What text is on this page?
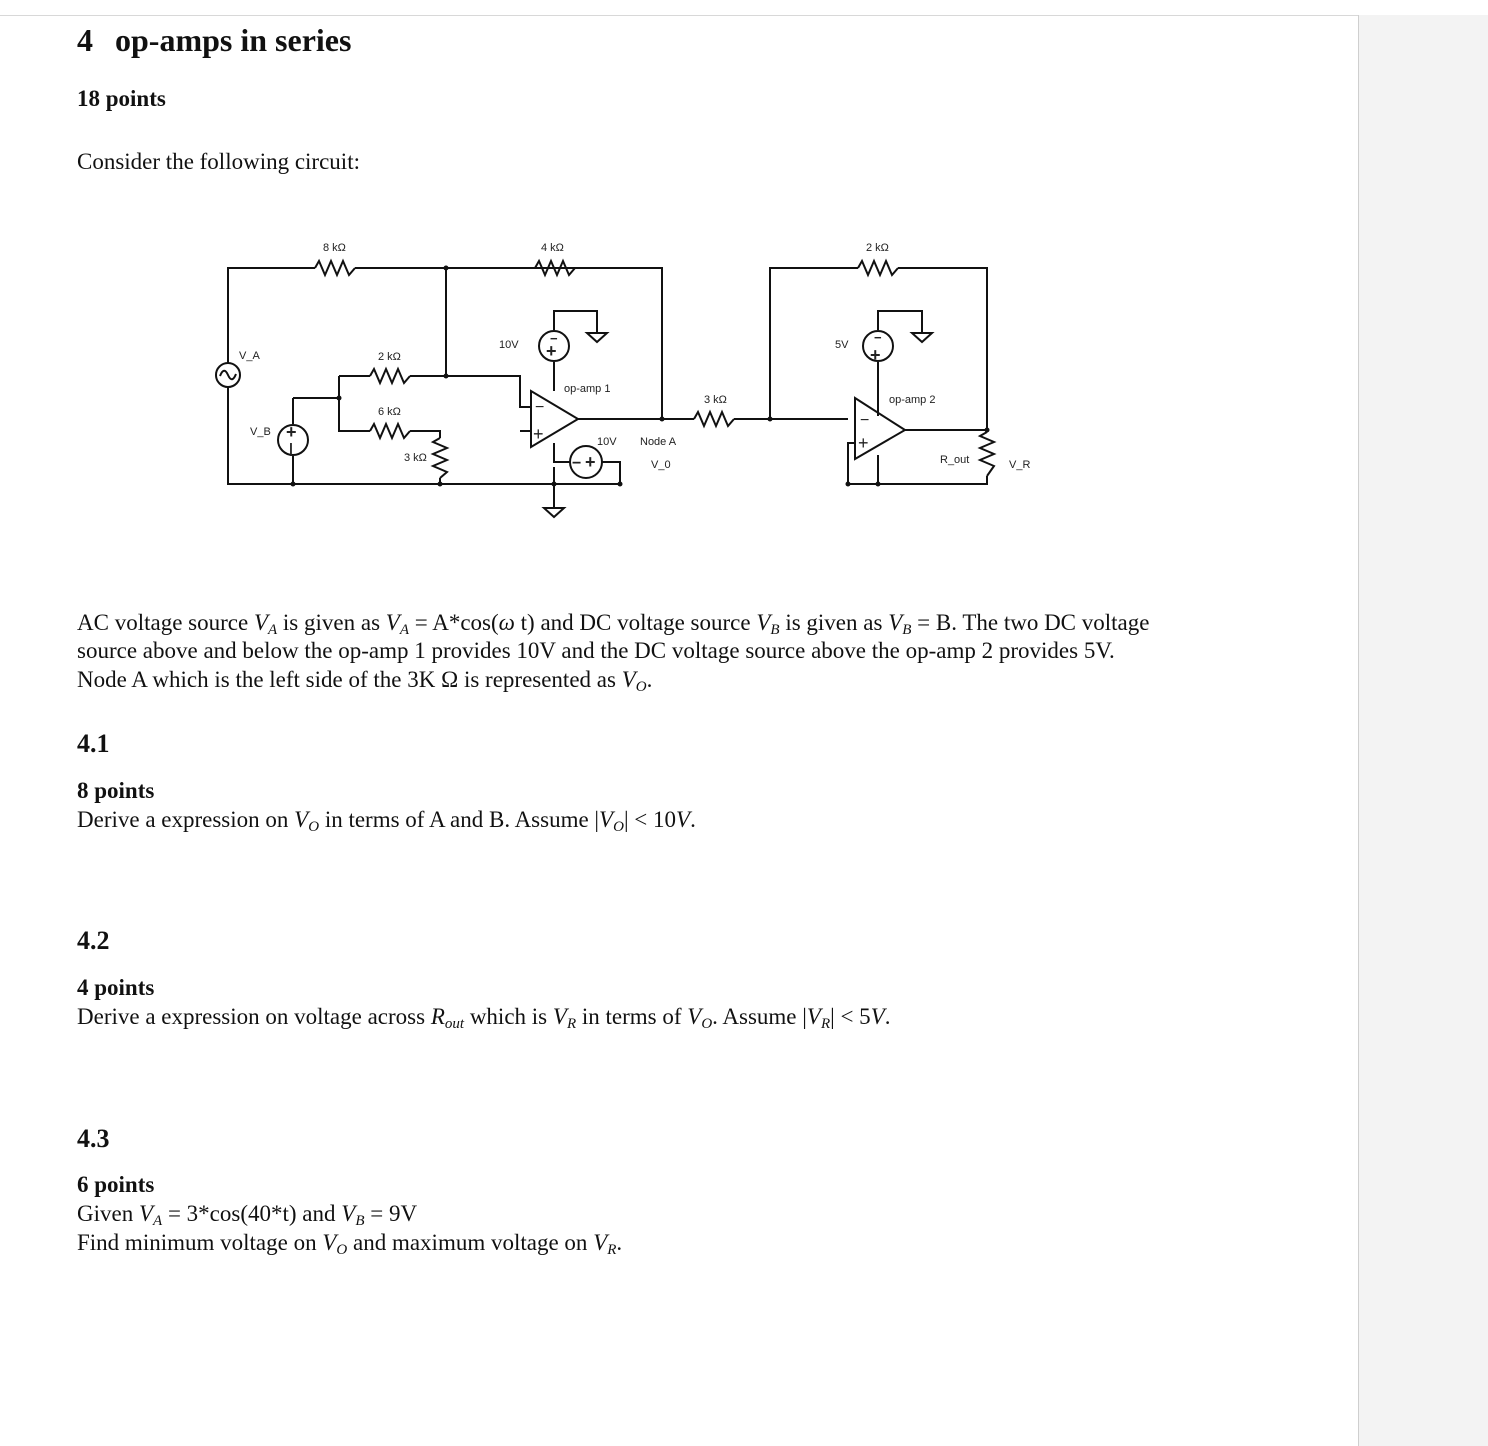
4 op-amps in series
18 points
Consider the following circuit:
+
|
+
−
− +
+
−
−
+
−
+
8 kΩ	4 kΩ	2 kΩ
2 kΩ
6 kΩ
3 kΩ
3 kΩ
V_A
V_B
10V
10V
5V
op-amp 1
op-amp 2
Node A
V_0	R_out	V_R
AC voltage source $V_A$ is given as $V_A = A*\cos(\omega$ t) and DC voltage source $V_B$ is given as $V_B = B$. The two DC voltage
source above and below the op-amp 1 provides 10V and the DC voltage source above the op-amp 2 provides 5V.
Node A which is the left side of the 3K Ω is represented as $V_O$.
4.1
8 points
Derive a expression on $V_O$ in terms of A and B. Assume $|V_O| < 10V$.
4.2
4 points
Derive a expression on voltage across $R_{out}$ which is $V_R$ in terms of $V_O$. Assume $|V_R| < 5V$.
4.3
6 points
Given $V_A = 3*\cos(40*t)$ and $V_B = 9V$
Find minimum voltage on $V_O$ and maximum voltage on $V_R$.
